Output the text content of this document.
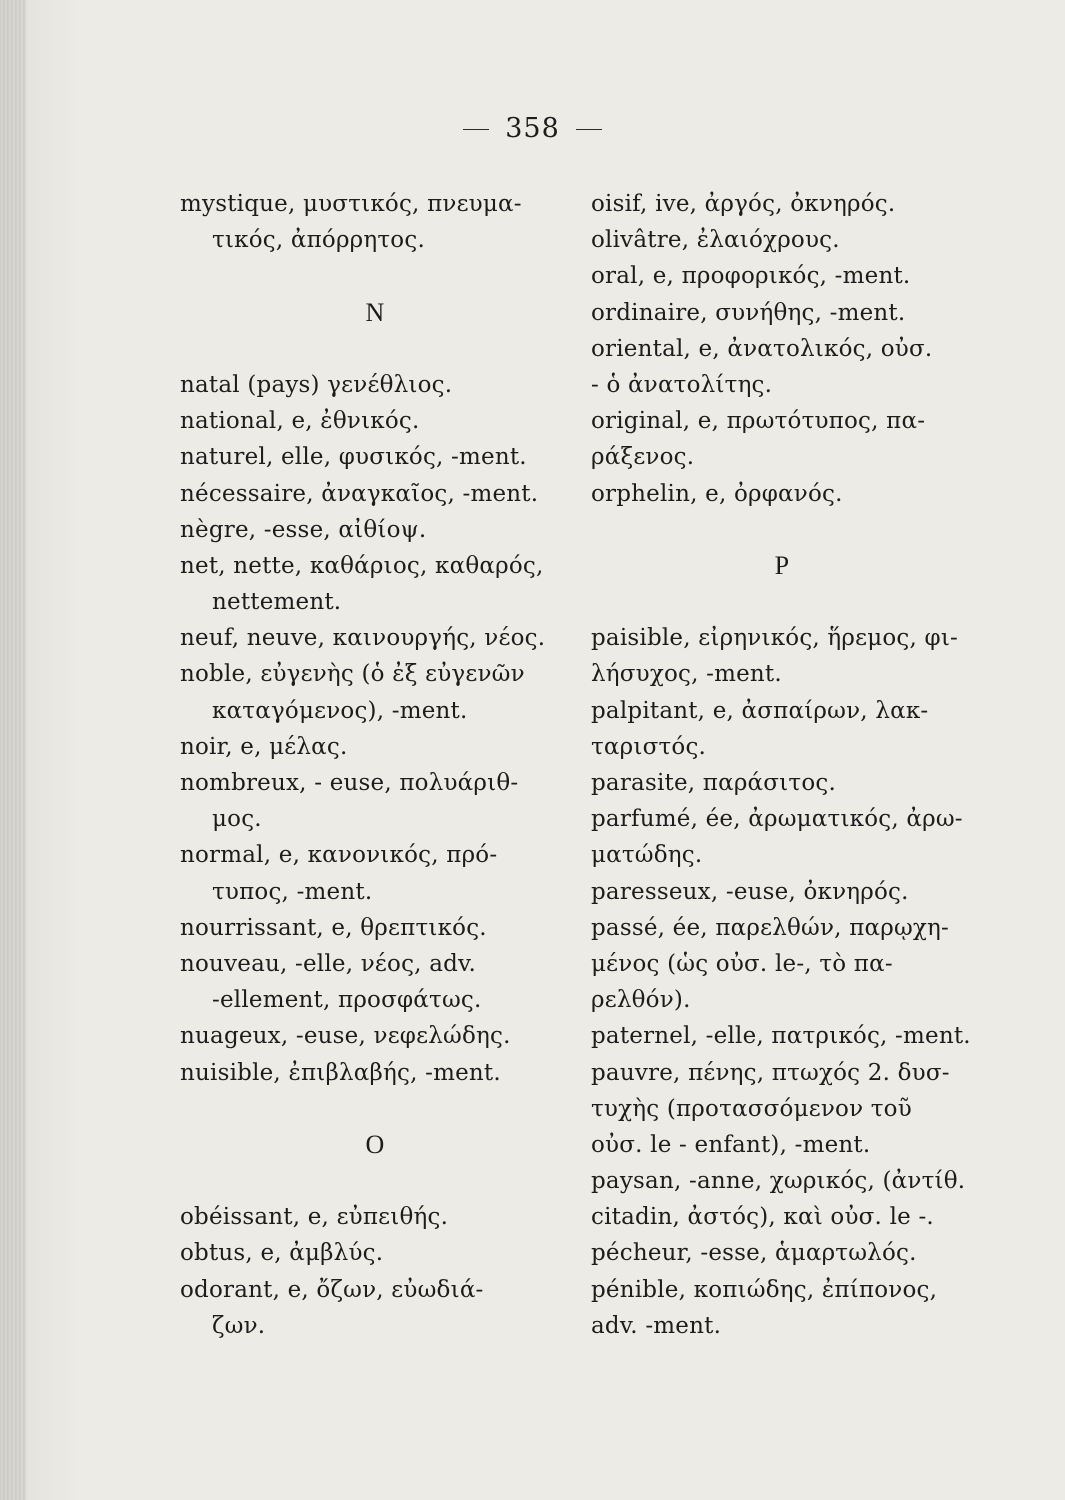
358
mystique, μυστικός, πνευμα-
τικός, ἀπόρρητος.
N
natal (pays) γενέθλιος.
national, e, ἐθνικός.
naturel, elle, φυσικός, -ment.
nécessaire, ἀναγκαῖος, -ment.
nègre, -esse, αἰθίοψ.
net, nette, καθάριος, καθαρός,
nettement.
neuf, neuve, καινουργής, νέος.
noble, εὐγενὴς (ὁ ἐξ εὐγενῶν
καταγόμενος), -ment.
noir, e, μέλας.
nombreux, - euse, πολυάριθ-
μος.
normal, e, κανονικός, πρό-
τυπος, -ment.
nourrissant, e, θρεπτικός.
nouveau, -elle, νέος, adv.
-ellement, προσφάτως.
nuageux, -euse, νεφελώδης.
nuisible, ἐπιβλαβής, -ment.
O
obéissant, e, εὐπειθής.
obtus, e, ἀμβλύς.
odorant, e, ὄζων, εὐωδιά-
ζων.
oisif, ive, ἀργός, ὀκνηρός.
olivâtre, ἐλαιόχρους.
oral, e, προφορικός, -ment.
ordinaire, συνήθης, -ment.
oriental, e, ἀνατολικός, οὐσ.
- ὁ ἀνατολίτης.
original, e, πρωτότυπος, πα-
ράξενος.
orphelin, e, ὀρφανός.
P
paisible, εἰρηνικός, ἥρεμος, φι-
λήσυχος, -ment.
palpitant, e, ἀσπαίρων, λακ-
ταριστός.
parasite, παράσιτος.
parfumé, ée, ἀρωματικός, ἀρω-
ματώδης.
paresseux, -euse, ὀκνηρός.
passé, ée, παρελθών, παρῳχη-
μένος (ὡς οὐσ. le-, τὸ πα-
ρελθόν).
paternel, -elle, πατρικός, -ment.
pauvre, πένης, πτωχός 2. δυσ-
τυχὴς (προτασσόμενον τοῦ
οὐσ. le - enfant), -ment.
paysan, -anne, χωρικός, (ἀντίθ.
citadin, ἀστός), καὶ οὐσ. le -.
pécheur, -esse, ἁμαρτωλός.
pénible, κοπιώδης, ἐπίπονος,
adv. -ment.
